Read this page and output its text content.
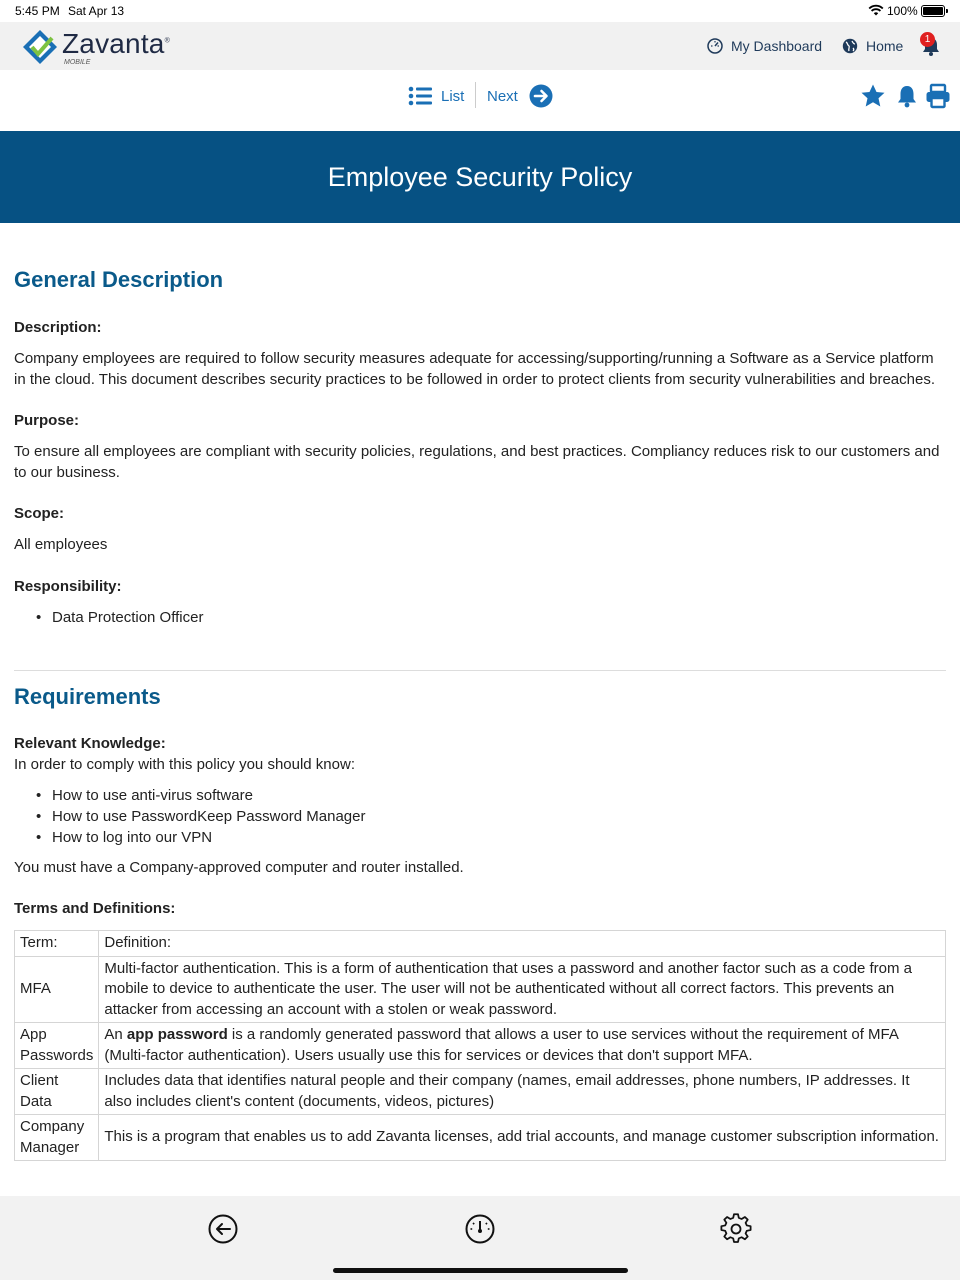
5:45 PM Sat Apr 13	100%
Zavanta®
MOBILE
My Dashboard	Home	1
List Next
Employee Security Policy
General Description
Description:

Company employees are required to follow security measures adequate for accessing/supporting/running a Software as a Service platform in the cloud. This document describes security practices to be followed in order to protect clients from security vulnerabilities and breaches.

Purpose:

To ensure all employees are compliant with security policies, regulations, and best practices. Compliancy reduces risk to our customers and to our business.

Scope:

All employees

Responsibility:
• Data Protection Officer
Requirements
Relevant Knowledge:

In order to comply with this policy you should know:

• How to use anti-virus software
• How to use PasswordKeep Password Manager
• How to log into our VPN

You must have a Company-approved computer and router installed.

Terms and Definitions:
Term:	Definition:
MFA	Multi-factor authentication. This is a form of authentication that uses a password and another factor such as a code from a mobile to device to authenticate the user. The user will not be authenticated without all correct factors. This prevents an attacker from accessing an account with a stolen or weak password.
App Passwords	An app password is a randomly generated password that allows a user to use services without the requirement of MFA (Multi-factor authentication). Users usually use this for services or devices that don't support MFA.
Client Data	Includes data that identifies natural people and their company (names, email addresses, phone numbers, IP addresses. It also includes client's content (documents, videos, pictures)
Company Manager	This is a program that enables us to add Zavanta licenses, add trial accounts, and manage customer subscription information.
